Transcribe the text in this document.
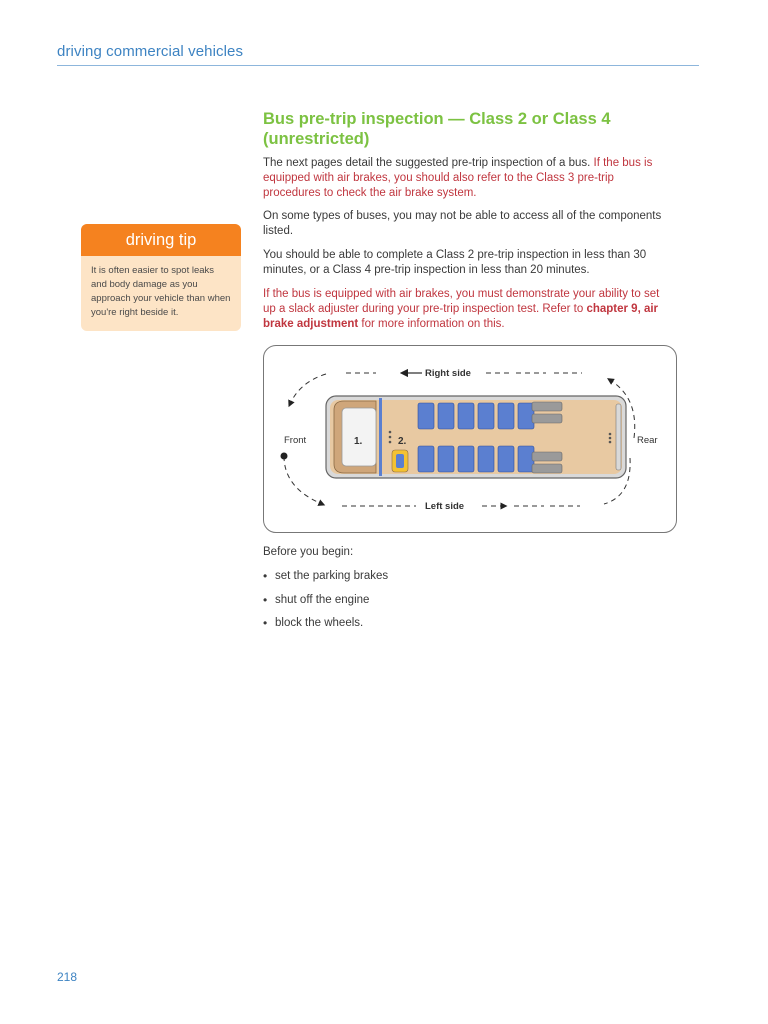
driving commercial vehicles
Bus pre-trip inspection — Class 2 or Class 4 (unrestricted)
The next pages detail the suggested pre-trip inspection of a bus. If the bus is equipped with air brakes, you should also refer to the Class 3 pre-trip procedures to check the air brake system.
On some types of buses, you may not be able to access all of the components listed.
You should be able to complete a Class 2 pre-trip inspection in less than 30 minutes, or a Class 4 pre-trip inspection in less than 20 minutes.
If the bus is equipped with air brakes, you must demonstrate your ability to set up a slack adjuster during your pre-trip inspection test. Refer to chapter 9, air brake adjustment for more information on this.
driving tip
It is often easier to spot leaks and body damage as you approach your vehicle than when you're right beside it.
Right side
Left side
Front	Rear
1.	2.
Before you begin:
• set the parking brakes
• shut off the engine
• block the wheels.
218
